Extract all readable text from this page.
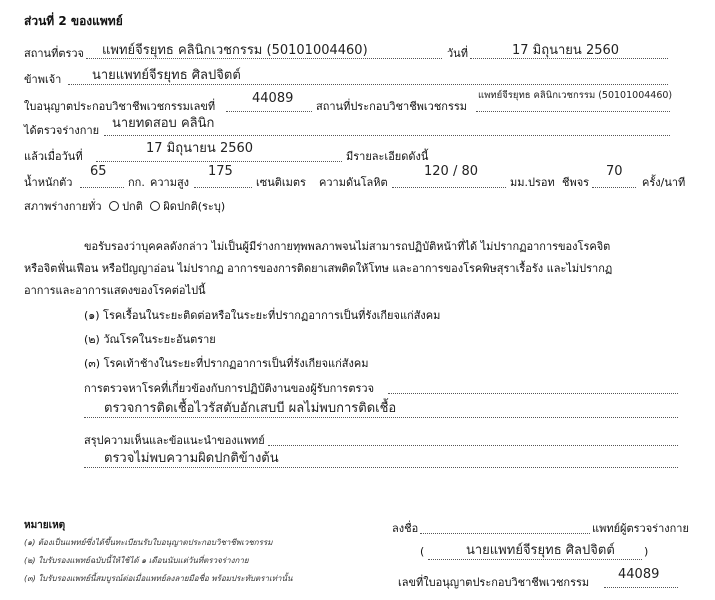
ส่วนที่ 2 ของแพทย์
สถานที่ตรวจ แพทย์จีรยุทธ คลินิกเวชกรรม (50101004460)	วันที่	17 มิถุนายน 2560
ข้าพเจ้า นายแพทย์จีรยุทธ ศิลปจิตต์
ใบอนุญาตประกอบวิชาชีพเวชกรรมเลขที่
44089
สถานที่ประกอบวิชาชีพเวชกรรม
แพทย์จีรยุทธ คลินิกเวชกรรม (50101004460)
ได้ตรวจร่างกาย นายทดสอบ คลินิก
แล้วเมื่อวันที่
17 มิถุนายน 2560
มีรายละเอียดดังนี้
น้ำหนักตัว
65
กก. ความสูง
175
เซนติเมตร ความดันโลหิต
120 / 80
มม.ปรอท ชีพจร
70
ครั้ง/นาที
สภาพร่างกายทั่ว ปกติ ผิดปกติ(ระบุ)
ขอรับรองว่าบุคคลดังกล่าว ไม่เป็นผู้มีร่างกายทุพพลภาพจนไม่สามารถปฏิบัติหน้าที่ได้ ไม่ปรากฏอาการของโรคจิต
หรือจิตฟั่นเฟือน หรือปัญญาอ่อน ไม่ปรากฏ อาการของการติดยาเสพติดให้โทษ และอาการของโรคพิษสุราเรื้อรัง และไม่ปรากฏ
อาการและอาการแสดงของโรคต่อไปนี้
(๑) โรคเรื้อนในระยะติดต่อหรือในระยะที่ปรากฏอาการเป็นที่รังเกียจแก่สังคม
(๒) วัณโรคในระยะอันตราย
(๓) โรคเท้าช้างในระยะที่ปรากฏอาการเป็นที่รังเกียจแก่สังคม
การตรวจหาโรคที่เกี่ยวข้องกับการปฏิบัติงานของผู้รับการตรวจ
ตรวจการติดเชื้อไวรัสตับอักเสบบี ผลไม่พบการติดเชื้อ
สรุปความเห็นและข้อแนะนำของแพทย์
ตรวจไม่พบความผิดปกติข้างต้น
หมายเหตุ
(๑) ต้องเป็นแพทย์ซึ่งได้ขึ้นทะเบียนรับใบอนุญาตประกอบวิชาชีพเวชกรรม
(๒) ใบรับรองแพทย์ฉบับนี้ให้ใช้ได้ ๑ เดือนนับแต่วันที่ตรวจร่างกาย
(๓) ใบรับรองแพทย์นี้สมบูรณ์ต่อเมื่อแพทย์ลงลายมือชื่อ พร้อมประทับตราเท่านั้น
ลงชื่อ	แพทย์ผู้ตรวจร่างกาย
(	นายแพทย์จีรยุทธ ศิลปจิตต์	)
เลขที่ใบอนุญาตประกอบวิชาชีพเวชกรรม
44089
